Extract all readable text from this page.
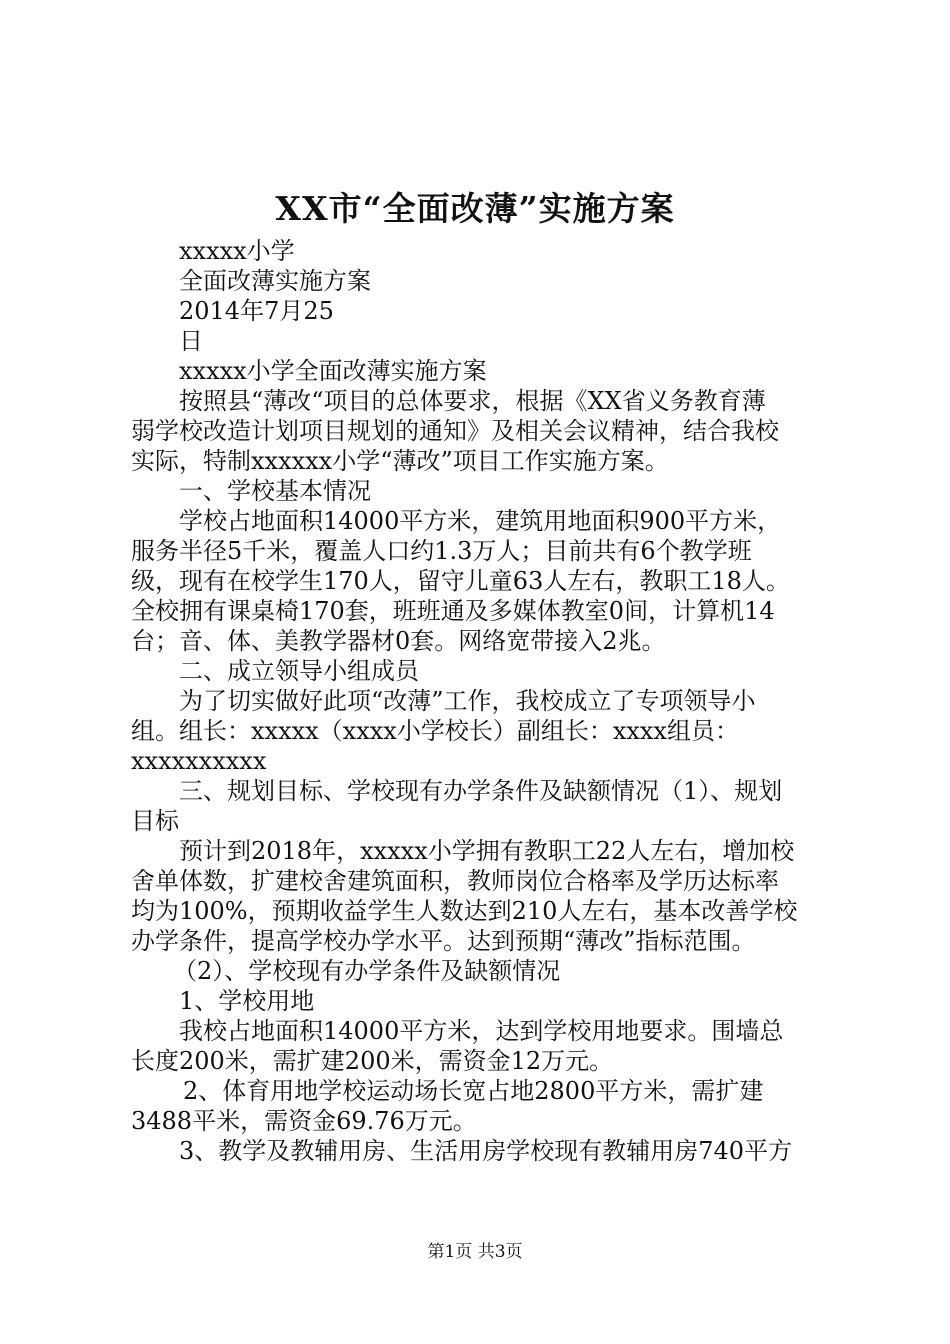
XX市“全面改薄”实施方案

xxxxx小学

全面改薄实施方案

2014年7月25

日

xxxxx小学全面改薄实施方案

按照县“薄改“项目的总体要求，根据《XX省义务教育薄

弱学校改造计划项目规划的通知》及相关会议精神，结合我校

实际，特制xxxxxx小学“薄改”项目工作实施方案。

一、学校基本情况

学校占地面积14000平方米，建筑用地面积900平方米，

服务半径5千米，覆盖人口约1.3万人；目前共有6个教学班

级，现有在校学生170人，留守儿童63人左右，教职工18人。

全校拥有课桌椅170套，班班通及多媒体教室0间，计算机14

台；音、体、美教学器材0套。网络宽带接入2兆。

二、成立领导小组成员

为了切实做好此项“改薄”工作，我校成立了专项领导小

组。组长：xxxxx（xxxx小学校长）副组长：xxxx组员：

xxxxxxxxxx

三、规划目标、学校现有办学条件及缺额情况（1）、规划

目标

预计到2018年，xxxxx小学拥有教职工22人左右，增加校

舍单体数，扩建校舍建筑面积，教师岗位合格率及学历达标率

均为100%，预期收益学生人数达到210人左右，基本改善学校

办学条件，提高学校办学水平。达到预期“薄改”指标范围。

（2）、学校现有办学条件及缺额情况

1、学校用地

我校占地面积14000平方米，达到学校用地要求。围墙总

长度200米，需扩建200米，需资金12万元。

2、体育用地学校运动场长宽占地2800平方米，需扩建

3488平米，需资金69.76万元。

3、教学及教辅用房、生活用房学校现有教辅用房740平方

第1页 共3页
